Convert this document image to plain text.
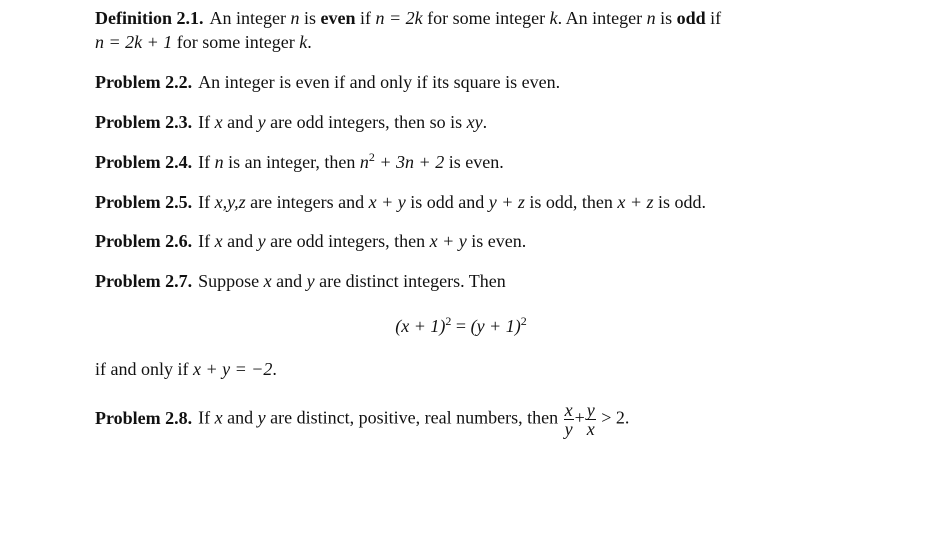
Definition 2.1. An integer n is even if n = 2k for some integer k. An integer n is odd if
n = 2k + 1 for some integer k.
Problem 2.2. An integer is even if and only if its square is even.
Problem 2.3. If x and y are odd integers, then so is xy.
Problem 2.4. If n is an integer, then $n^2 + 3n + 2$ is even.
Problem 2.5. If x,y,z are integers and x + y is odd and y + z is odd, then x + z is odd.
Problem 2.6. If x and y are odd integers, then x + y is even.
Problem 2.7. Suppose x and y are distinct integers. Then
$(x + 1)^2 = (y + 1)^2$
if and only if x + y = −2.
Problem 2.8. If x and y are distinct, positive, real numbers, then $\frac{x}{y} + \frac{y}{x} > 2$.
